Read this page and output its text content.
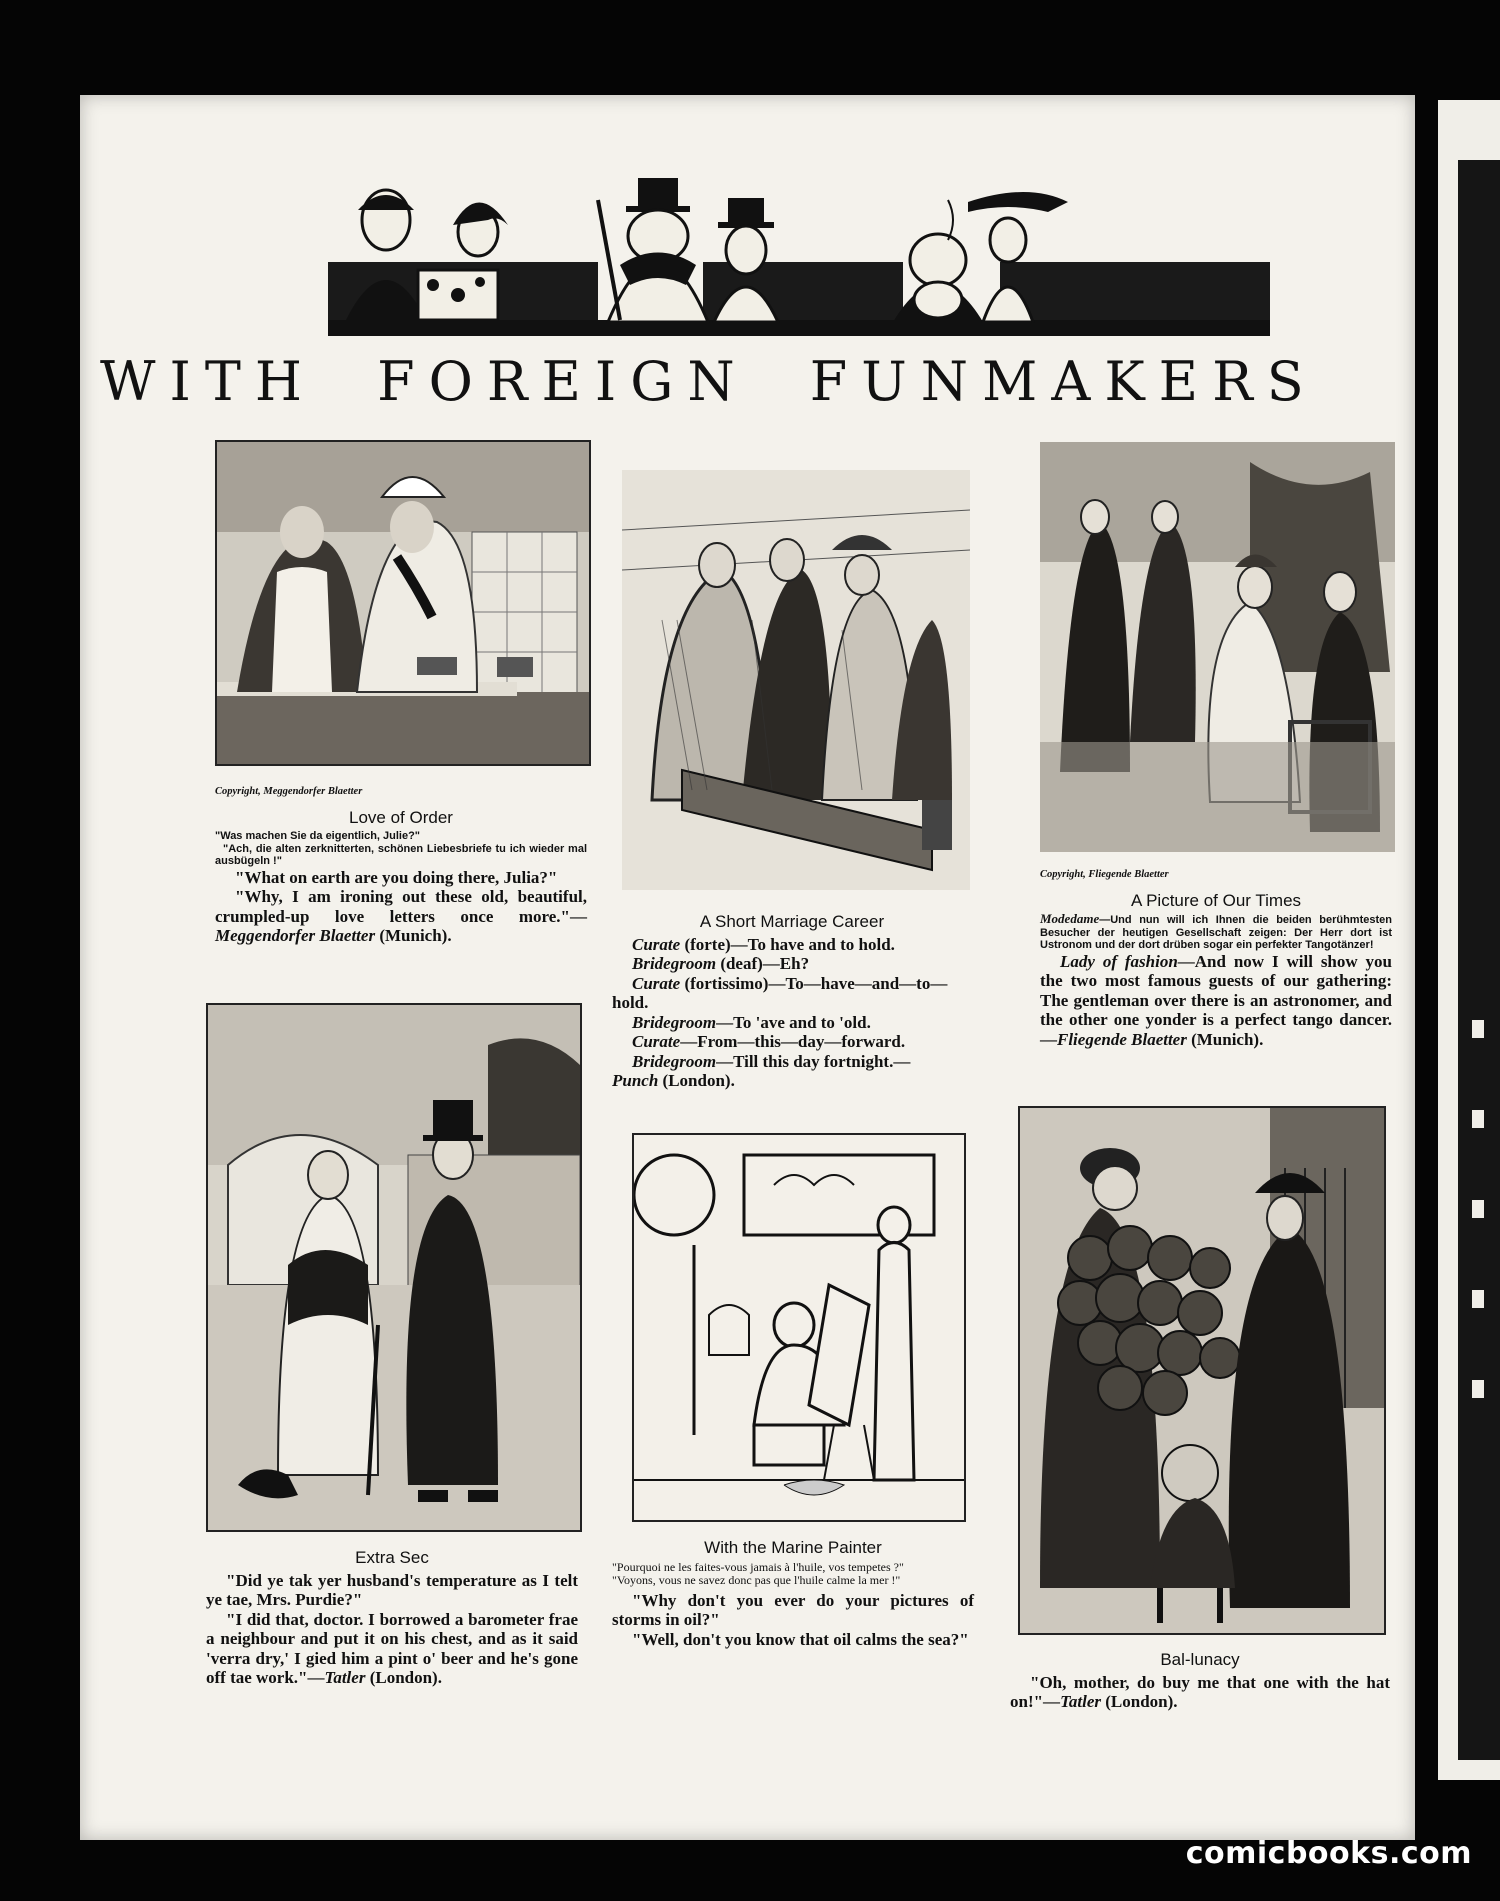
WITH FOREIGN FUNMAKERS
Copyright, Meggendorfer Blaetter
Love of Order
"Was machen Sie da eigentlich, Julie?"
"Ach, die alten zerknitterten, schönen Liebesbriefe tu ich wieder mal ausbügeln !"

"What on earth are you doing there, Julia?"

"Why, I am ironing out these old, beautiful, crumpled-up love letters once more."—Meggendorfer Blaetter (Munich).

A Short Marriage Career

Curate (forte)—To have and to hold.

Bridegroom (deaf)—Eh?

Curate (fortissimo)—To—have—and—to—hold.

Bridegroom—To 'ave and to 'old.

Curate—From—this—day—forward.

Bridegroom—Till this day fortnight.—

Punch (London).

Copyright, Fliegende Blaetter
A Picture of Our Times
Modedame—Und nun will ich Ihnen die beiden berühmtesten Besucher der heutigen Gesellschaft zeigen: Der Herr dort ist Ustronom und der dort drüben sogar ein perfekter Tangotänzer!

Lady of fashion—And now I will show you the two most famous guests of our gathering: The gentleman over there is an astronomer, and the other one yonder is a perfect tango dancer. —Fliegende Blaetter (Munich).

Extra Sec

"Did ye tak yer husband's temperature as I telt ye tae, Mrs. Purdie?"

"I did that, doctor. I borrowed a barometer frae a neighbour and put it on his chest, and as it said 'verra dry,' I gied him a pint o' beer and he's gone off tae work."—Tatler (London).

With the Marine Painter
"Pourquoi ne les faites-vous jamais à l'huile, vos tempetes ?"
"Voyons, vous ne savez donc pas que l'huile calme la mer !"

"Why don't you ever do your pictures of storms in oil?"

"Well, don't you know that oil calms the sea?"

Bal-lunacy

"Oh, mother, do buy me that one with the hat on!"—Tatler (London).

comicbooks.com
